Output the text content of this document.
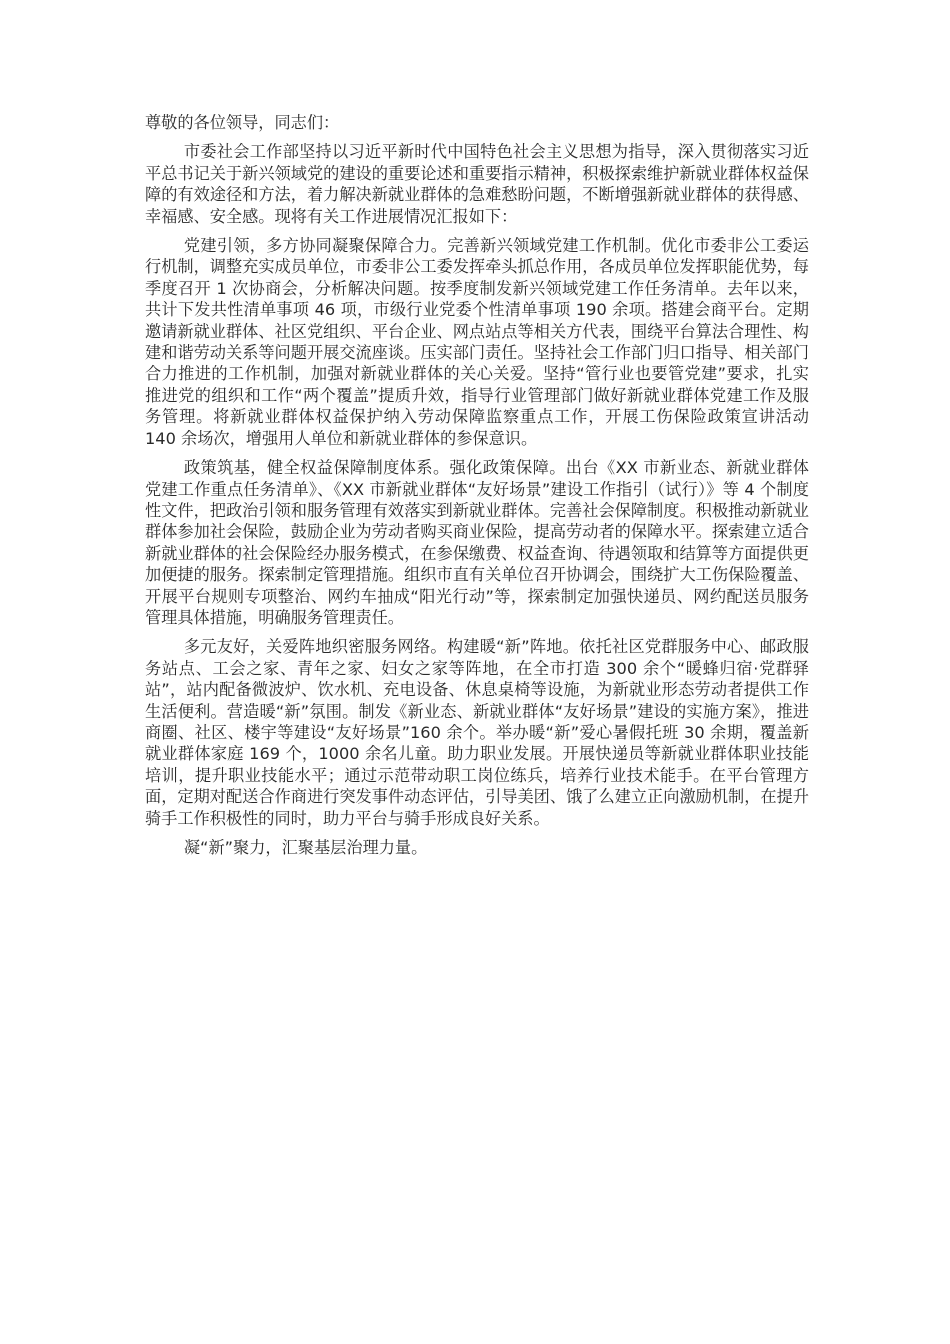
尊敬的各位领导，同志们：

市委社会工作部坚持以习近平新时代中国特色社会主义思想为指导，深入贯彻落实习近平总书记关于新兴领域党的建设的重要论述和重要指示精神，积极探索维护新就业群体权益保障的有效途径和方法，着力解决新就业群体的急难愁盼问题，不断增强新就业群体的获得感、幸福感、安全感。现将有关工作进展情况汇报如下：

党建引领，多方协同凝聚保障合力。完善新兴领域党建工作机制。优化市委非公工委运行机制，调整充实成员单位，市委非公工委发挥牵头抓总作用，各成员单位发挥职能优势，每季度召开 1 次协商会，分析解决问题。按季度制发新兴领域党建工作任务清单。去年以来，共计下发共性清单事项 46 项，市级行业党委个性清单事项 190 余项。搭建会商平台。定期邀请新就业群体、社区党组织、平台企业、网点站点等相关方代表，围绕平台算法合理性、构建和谐劳动关系等问题开展交流座谈。压实部门责任。坚持社会工作部门归口指导、相关部门合力推进的工作机制，加强对新就业群体的关心关爱。坚持“管行业也要管党建”要求，扎实推进党的组织和工作“两个覆盖”提质升效，指导行业管理部门做好新就业群体党建工作及服务管理。将新就业群体权益保护纳入劳动保障监察重点工作，开展工伤保险政策宣讲活动 140 余场次，增强用人单位和新就业群体的参保意识。

政策筑基，健全权益保障制度体系。强化政策保障。出台《XX 市新业态、新就业群体党建工作重点任务清单》、《XX 市新就业群体“友好场景”建设工作指引（试行）》等 4 个制度性文件，把政治引领和服务管理有效落实到新就业群体。完善社会保障制度。积极推动新就业群体参加社会保险，鼓励企业为劳动者购买商业保险，提高劳动者的保障水平。探索建立适合新就业群体的社会保险经办服务模式，在参保缴费、权益查询、待遇领取和结算等方面提供更加便捷的服务。探索制定管理措施。组织市直有关单位召开协调会，围绕扩大工伤保险覆盖、开展平台规则专项整治、网约车抽成“阳光行动”等，探索制定加强快递员、网约配送员服务管理具体措施，明确服务管理责任。

多元友好，关爱阵地织密服务网络。构建暖“新”阵地。依托社区党群服务中心、邮政服务站点、工会之家、青年之家、妇女之家等阵地，在全市打造 300 余个“暖蜂归宿·党群驿站”，站内配备微波炉、饮水机、充电设备、休息桌椅等设施，为新就业形态劳动者提供工作生活便利。营造暖“新”氛围。制发《新业态、新就业群体“友好场景”建设的实施方案》，推进商圈、社区、楼宇等建设“友好场景”160 余个。举办暖“新”爱心暑假托班 30 余期，覆盖新就业群体家庭 169 个，1000 余名儿童。助力职业发展。开展快递员等新就业群体职业技能培训，提升职业技能水平；通过示范带动职工岗位练兵，培养行业技术能手。在平台管理方面，定期对配送合作商进行突发事件动态评估，引导美团、饿了么建立正向激励机制，在提升骑手工作积极性的同时，助力平台与骑手形成良好关系。

凝“新”聚力，汇聚基层治理力量。
